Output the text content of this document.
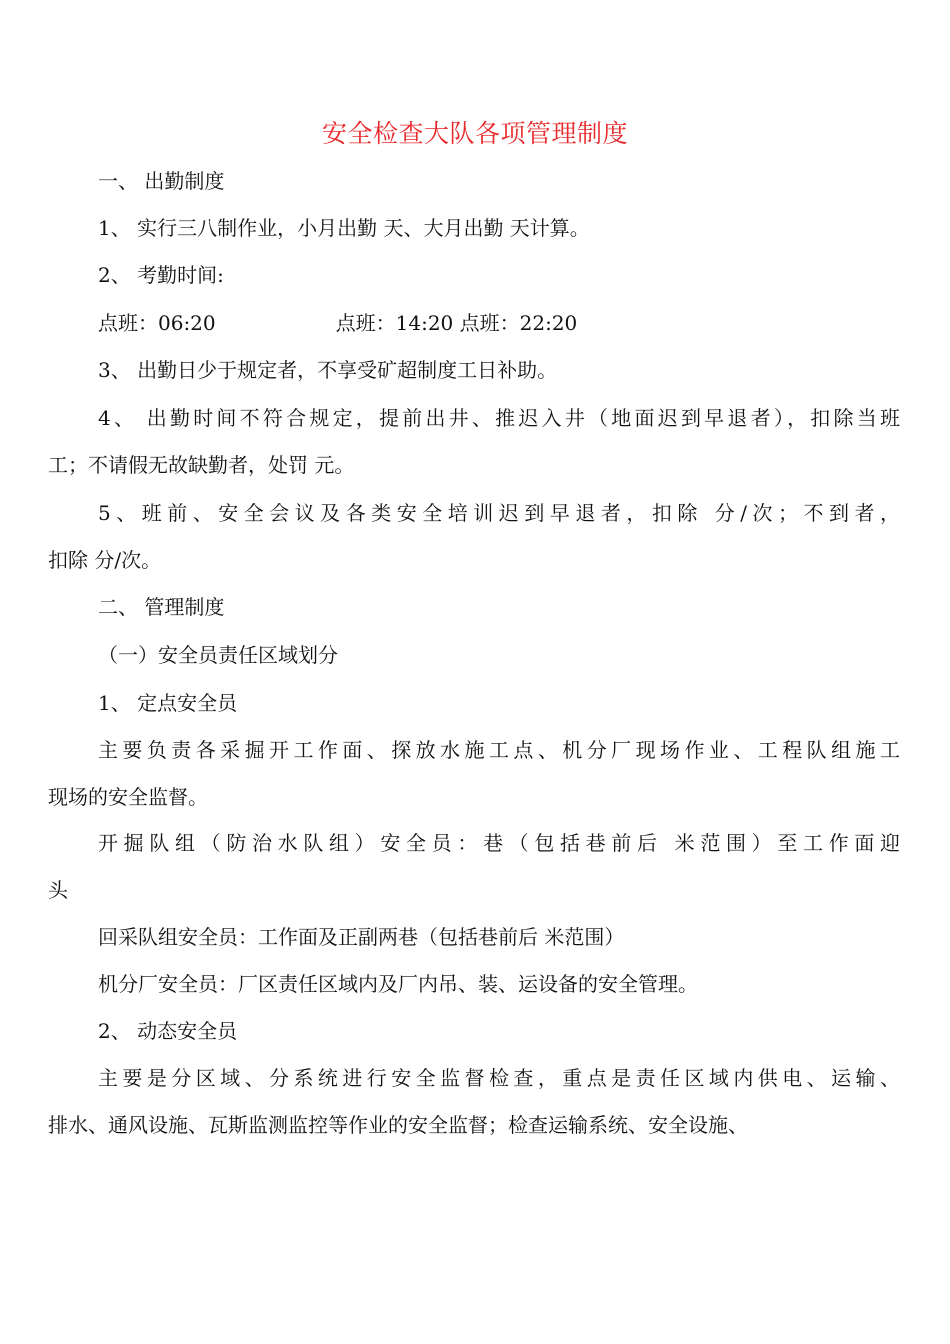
安全检查大队各项管理制度
一、 出勤制度
1、 实行三八制作业，小月出勤 天、大月出勤 天计算。
2、 考勤时间:
点班：06:20	点班：14:20 点班：22:20
3、 出勤日少于规定者，不享受矿超制度工日补助。
4、 出勤时间不符合规定，提前出井、推迟入井（地面迟到早退者），扣除当班
工；不请假无故缺勤者，处罚 元。
5、班前、安全会议及各类安全培训迟到早退者，扣除 分/次；不到者，
扣除 分/次。
二、 管理制度
（一）安全员责任区域划分
1、 定点安全员
主要负责各采掘开工作面、探放水施工点、机分厂现场作业、工程队组施工
现场的安全监督。
开掘队组（防治水队组）安全员：巷（包括巷前后 米范围）至工作面迎
头
回采队组安全员：工作面及正副两巷（包括巷前后 米范围）
机分厂安全员：厂区责任区域内及厂内吊、装、运设备的安全管理。
2、 动态安全员
主要是分区域、分系统进行安全监督检查，重点是责任区域内供电、运输、
排水、通风设施、瓦斯监测监控等作业的安全监督；检查运输系统、安全设施、
